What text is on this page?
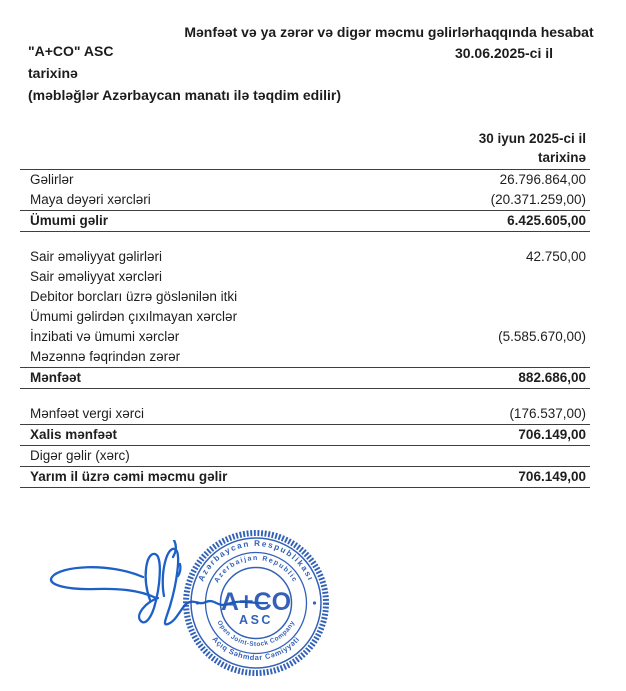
Mənfəət və ya zərər və digər məcmu gəlirlərhaqqında hesabat
30.06.2025-ci il
"A+CO" ASC
tarixinə
(məbləğlər Azərbaycan manatı ilə təqdim edilir)
30 iyun 2025-ci il
tarixinə
Gəlirlər	26.796.864,00
Maya dəyəri xərcləri	(20.371.259,00)
Ümumi gəlir	6.425.605,00
Sair əməliyyat gəlirləri	42.750,00
Sair əməliyyat xərcləri
Debitor borcları üzrə göslənilən itki
Ümumi gəlirdən çıxılmayan xərclər
İnzibati və ümumi xərclər	(5.585.670,00)
Məzənnə fəqrindən zərər
Mənfəət	882.686,00
Mənfəət vergi xərci	(176.537,00)
Xalis mənfəət	706.149,00
Digər gəlir (xərc)
Yarım il üzrə cəmi məcmu gəlir	706.149,00
Azərbaycan Respublikası
Açıq Səhmdar Cəmiyyəti
Azerbaijan Republic
Open Joint-Stock Company
A+CO
ASC
